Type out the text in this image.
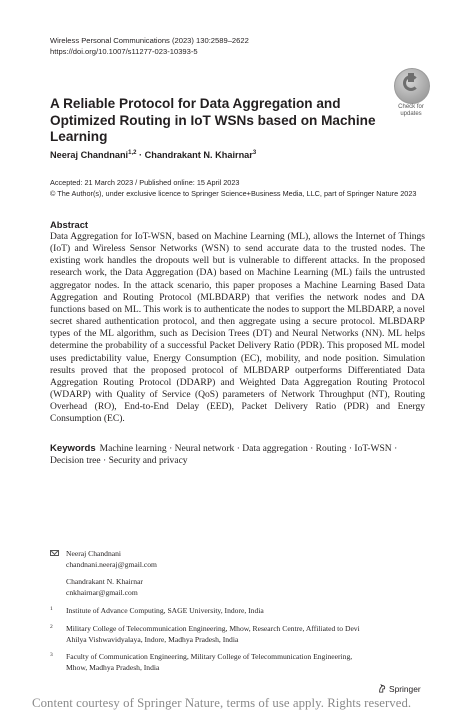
Wireless Personal Communications (2023) 130:2589–2622
https://doi.org/10.1007/s11277-023-10393-5
Check for
updates
A Reliable Protocol for Data Aggregation and Optimized Routing in IoT WSNs based on Machine Learning
Neeraj Chandnani$^{1,2}$ · Chandrakant N. Khairnar$^3$
Accepted: 21 March 2023 / Published online: 15 April 2023
© The Author(s), under exclusive licence to Springer Science+Business Media, LLC, part of Springer Nature 2023
Abstract
Data Aggregation for IoT-WSN, based on Machine Learning (ML), allows the Internet of Things (IoT) and Wireless Sensor Networks (WSN) to send accurate data to the trusted nodes. The existing work handles the dropouts well but is vulnerable to different attacks. In the proposed research work, the Data Aggregation (DA) based on Machine Learning (ML) fails the untrusted aggregator nodes. In the attack scenario, this paper proposes a Machine Learning Based Data Aggregation and Routing Protocol (MLBDARP) that verifies the network nodes and DA functions based on ML. This work is to authenticate the nodes to support the MLBDARP, a novel secret shared authentication protocol, and then aggregate using a secure protocol. MLBDARP types of the ML algorithm, such as Decision Trees (DT) and Neural Networks (NN). ML helps determine the probability of a successful Packet Delivery Ratio (PDR). This proposed ML model uses predictability value, Energy Consumption (EC), mobility, and node position. Simulation results proved that the proposed protocol of MLBDARP outperforms Differentiated Data Aggregation Routing Protocol (DDARP) and Weighted Data Aggregation Routing Protocol (WDARP) with Quality of Service (QoS) parameters of Network Throughput (NT), Routing Overhead (RO), End-to-End Delay (EED), Packet Delivery Ratio (PDR) and Energy Consumption (EC).
Keywords Machine learning · Neural network · Data aggregation · Routing · IoT-WSN · Decision tree · Security and privacy
Neeraj Chandnani
chandnani.neeraj@gmail.com
Chandrakant N. Khairnar
cnkhairnar@gmail.com
1 Institute of Advance Computing, SAGE University, Indore, India
2 Military College of Telecommunication Engineering, Mhow, Research Centre, Affiliated to Devi
Ahilya Vishwavidyalaya, Indore, Madhya Pradesh, India
3 Faculty of Communication Engineering, Military College of Telecommunication Engineering,
Mhow, Madhya Pradesh, India
Springer
Content courtesy of Springer Nature, terms of use apply. Rights reserved.
